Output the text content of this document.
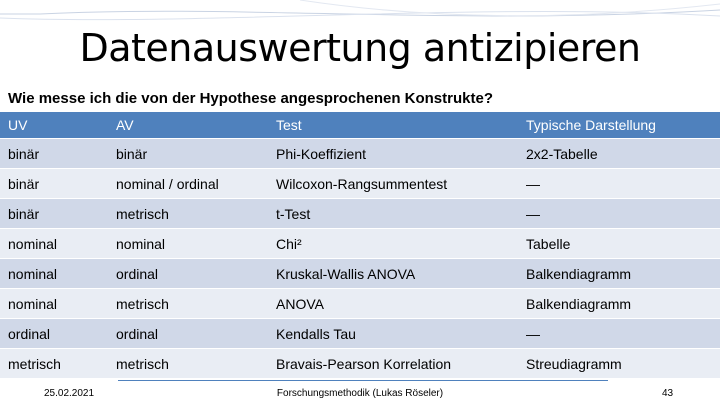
Datenauswertung antizipieren
Wie messe ich die von der Hypothese angesprochenen Konstrukte?
UV	AV	Test	Typische Darstellung
binär	binär	Phi-Koeffizient	2x2-Tabelle
binär	nominal / ordinal	Wilcoxon-Rangsummentest	—
binär	metrisch	t-Test	—
nominal	nominal	Chi²	Tabelle
nominal	ordinal	Kruskal-Wallis ANOVA	Balkendiagramm
nominal	metrisch	ANOVA	Balkendiagramm
ordinal	ordinal	Kendalls Tau	—
metrisch	metrisch	Bravais-Pearson Korrelation	Streudiagramm
25.02.2021	Forschungsmethodik (Lukas Röseler)	43
